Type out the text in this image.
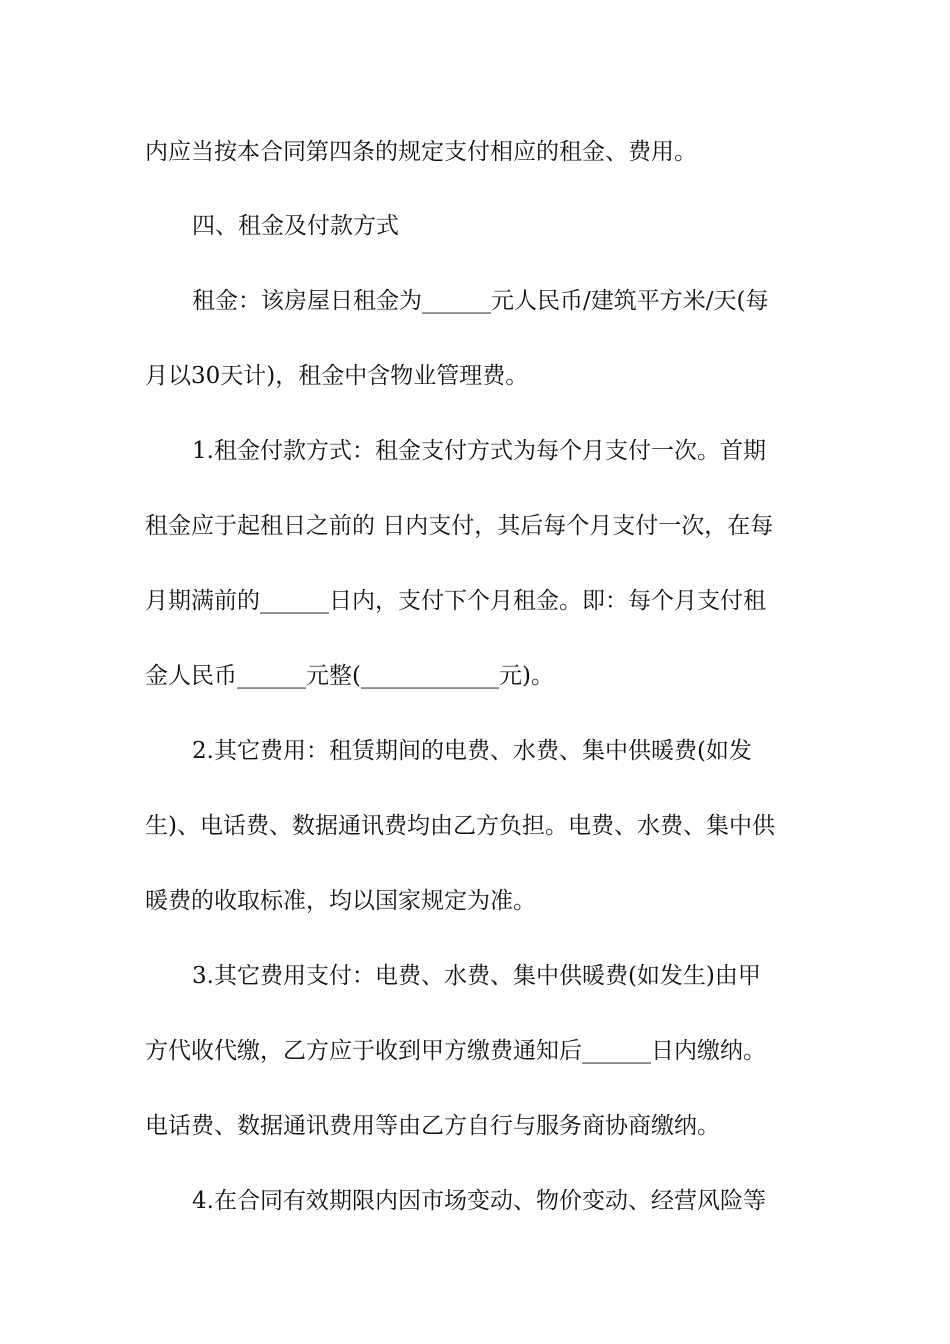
内应当按本合同第四条的规定支付相应的租金、费用。
四、租金及付款方式
租金：该房屋日租金为______元人民币/建筑平方米/天(每
月以30天计)，租金中含物业管理费。
1.租金付款方式：租金支付方式为每个月支付一次。首期
租金应于起租日之前的 日内支付，其后每个月支付一次，在每
月期满前的______日内，支付下个月租金。即：每个月支付租
金人民币______元整(____________元)。
2.其它费用：租赁期间的电费、水费、集中供暖费(如发
生)、电话费、数据通讯费均由乙方负担。电费、水费、集中供
暖费的收取标准，均以国家规定为准。
3.其它费用支付：电费、水费、集中供暖费(如发生)由甲
方代收代缴，乙方应于收到甲方缴费通知后______日内缴纳。
电话费、数据通讯费用等由乙方自行与服务商协商缴纳。
4.在合同有效期限内因市场变动、物价变动、经营风险等
